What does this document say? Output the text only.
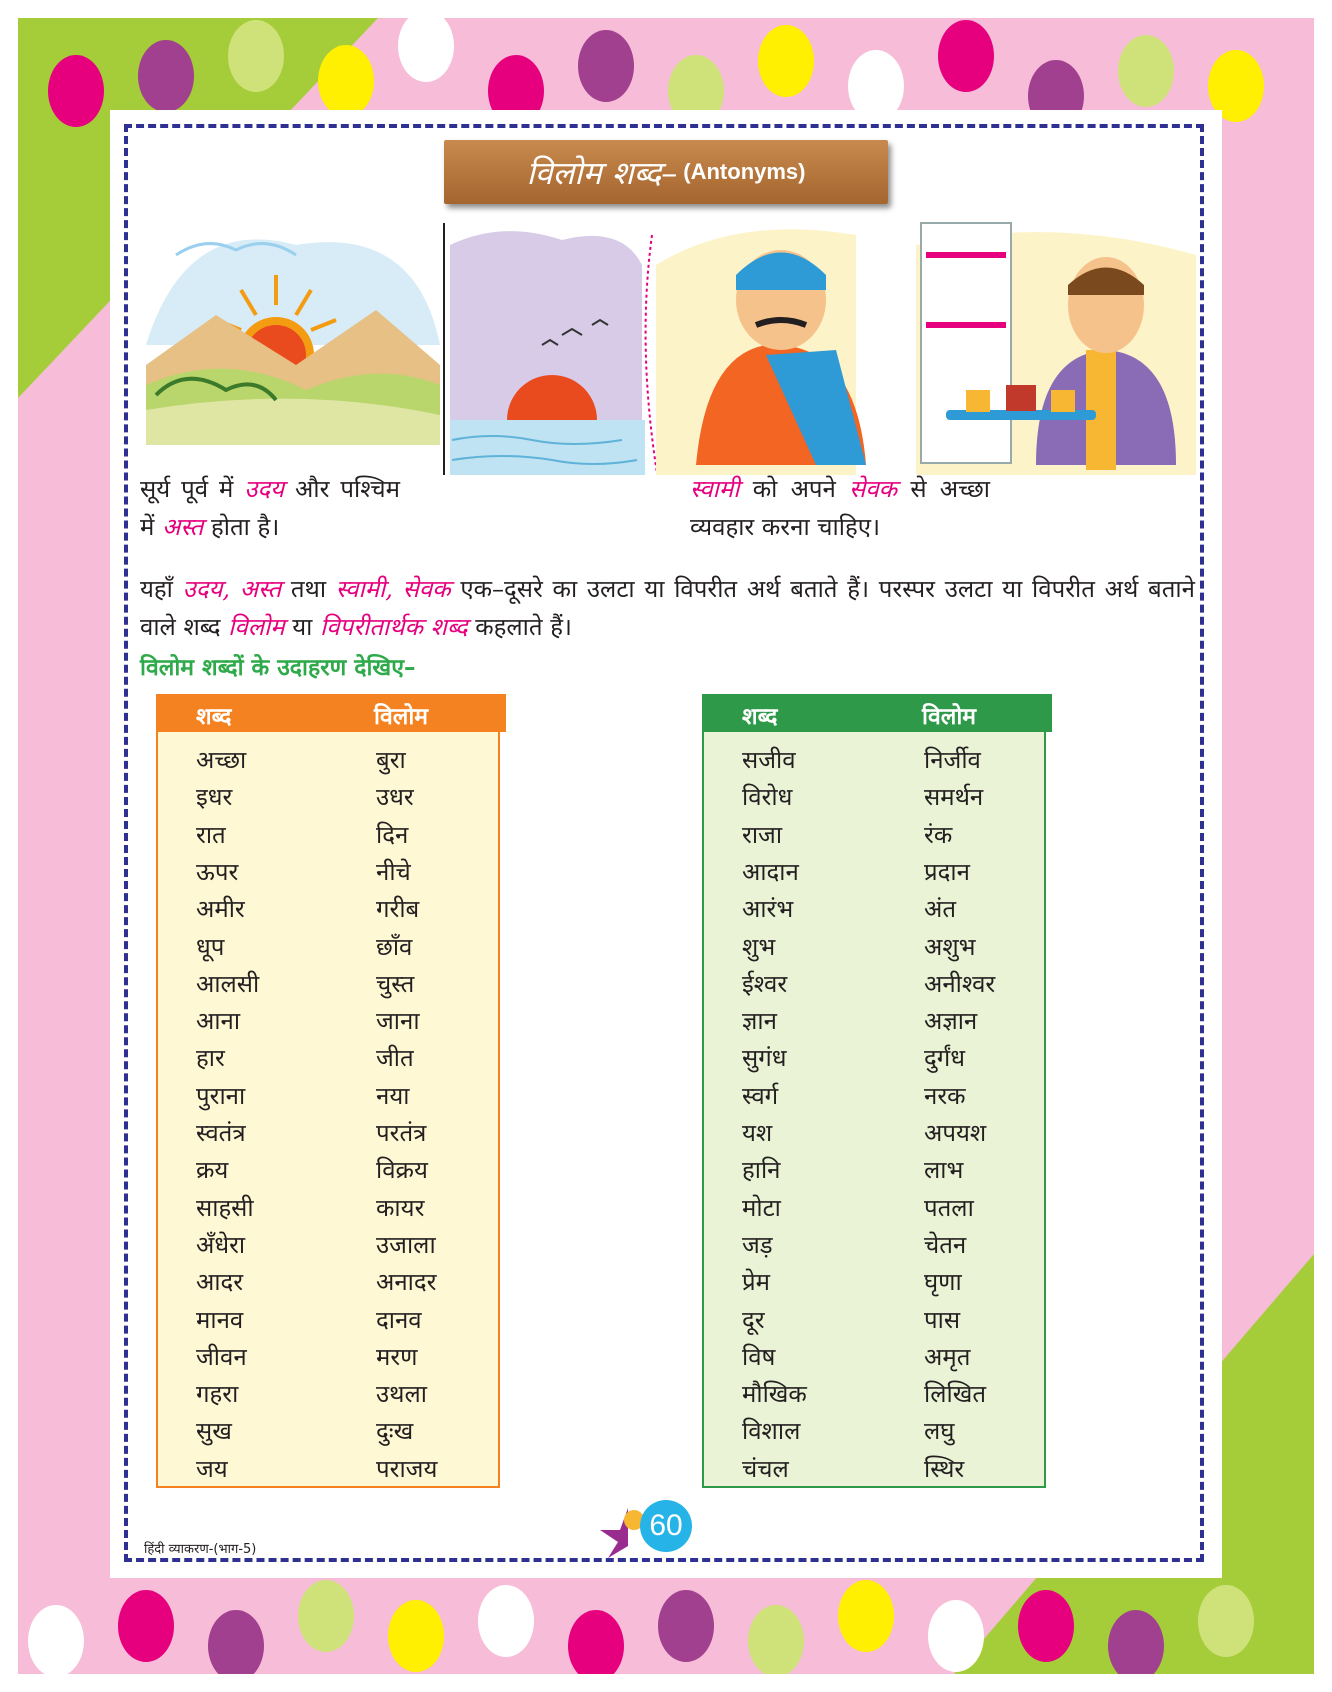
विलोम शब्द– (Antonyms)
सूर्य पूर्व में उदय और पश्चिम में अस्त होता है।
स्वामी को अपने सेवक से अच्छा व्यवहार करना चाहिए।
यहाँ उदय, अस्त तथा स्वामी, सेवक एक–दूसरे का उलटा या विपरीत अर्थ बताते हैं। परस्पर उलटा या विपरीत अर्थ बताने वाले शब्द विलोम या विपरीतार्थक शब्द कहलाते हैं।
विलोम शब्दों के उदाहरण देखिए–
शब्द	विलोम
अच्छा	बुरा
इधर	उधर
रात	दिन
ऊपर	नीचे
अमीर	गरीब
धूप	छाँव
आलसी	चुस्त
आना	जाना
हार	जीत
पुराना	नया
स्वतंत्र	परतंत्र
क्रय	विक्रय
साहसी	कायर
अँधेरा	उजाला
आदर	अनादर
मानव	दानव
जीवन	मरण
गहरा	उथला
सुख	दुःख
जय	पराजय
शब्द	विलोम
सजीव	निर्जीव
विरोध	समर्थन
राजा	रंक
आदान	प्रदान
आरंभ	अंत
शुभ	अशुभ
ईश्वर	अनीश्वर
ज्ञान	अज्ञान
सुगंध	दुर्गंध
स्वर्ग	नरक
यश	अपयश
हानि	लाभ
मोटा	पतला
जड़	चेतन
प्रेम	घृणा
दूर	पास
विष	अमृत
मौखिक	लिखित
विशाल	लघु
चंचल	स्थिर
हिंदी व्याकरण-(भाग-5)
60
